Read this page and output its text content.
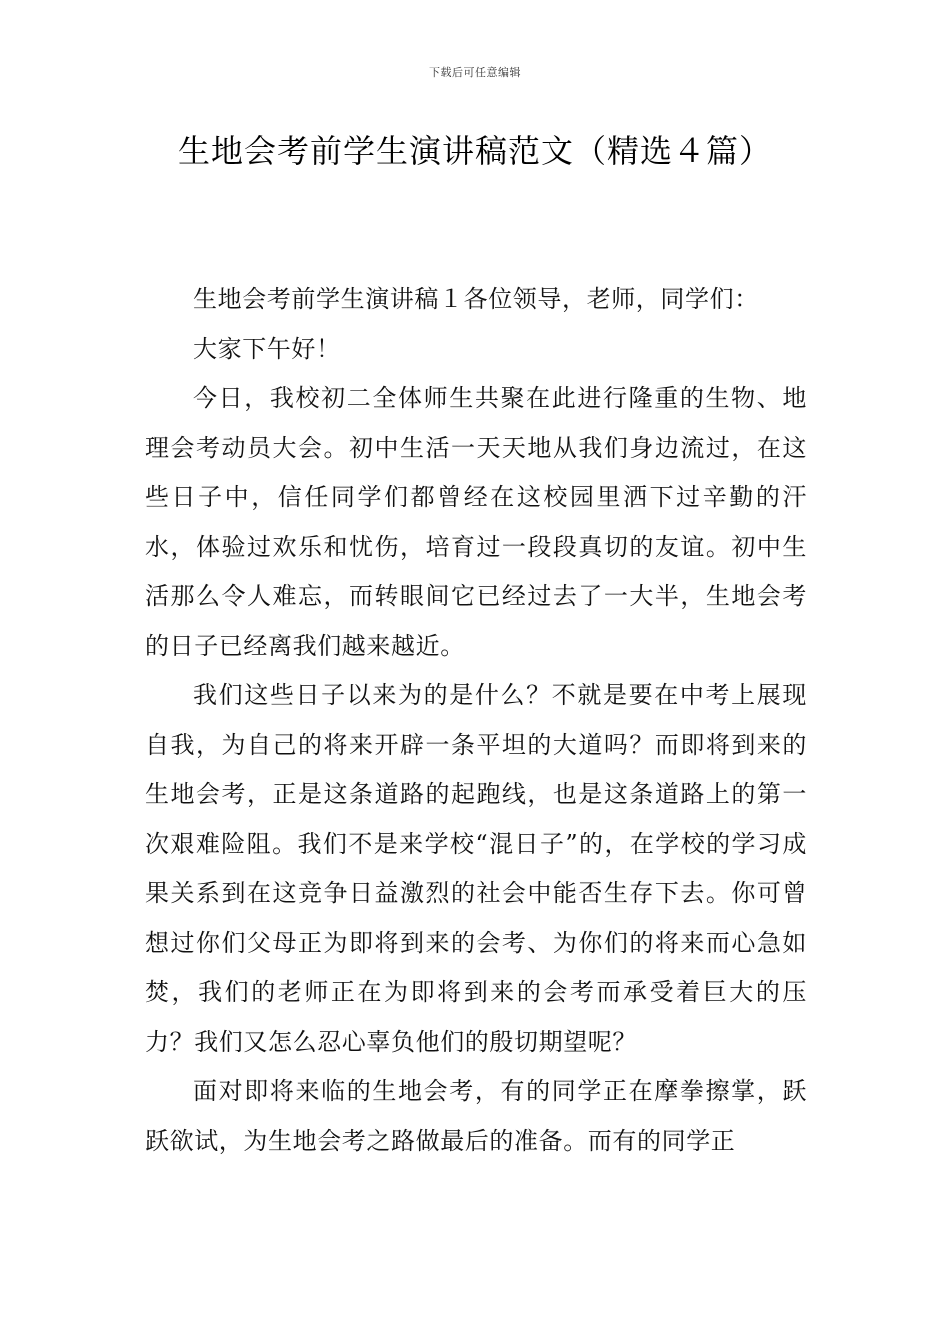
下载后可任意编辑
生地会考前学生演讲稿范文（精选４篇）

生地会考前学生演讲稿１各位领导，老师，同学们：

大家下午好！

今日，我校初二全体师生共聚在此进行隆重的生物、地理会考动员大会。初中生活一天天地从我们身边流过，在这些日子中，信任同学们都曾经在这校园里洒下过辛勤的汗水，体验过欢乐和忧伤，培育过一段段真切的友谊。初中生活那么令人难忘，而转眼间它已经过去了一大半，生地会考的日子已经离我们越来越近。

我们这些日子以来为的是什么？不就是要在中考上展现自我，为自己的将来开辟一条平坦的大道吗？而即将到来的生地会考，正是这条道路的起跑线，也是这条道路上的第一次艰难险阻。我们不是来学校“混日子”的，在学校的学习成果关系到在这竞争日益激烈的社会中能否生存下去。你可曾想过你们父母正为即将到来的会考、为你们的将来而心急如焚，我们的老师正在为即将到来的会考而承受着巨大的压力？我们又怎么忍心辜负他们的殷切期望呢？

面对即将来临的生地会考，有的同学正在摩拳擦掌，跃跃欲试，为生地会考之路做最后的准备。而有的同学正
